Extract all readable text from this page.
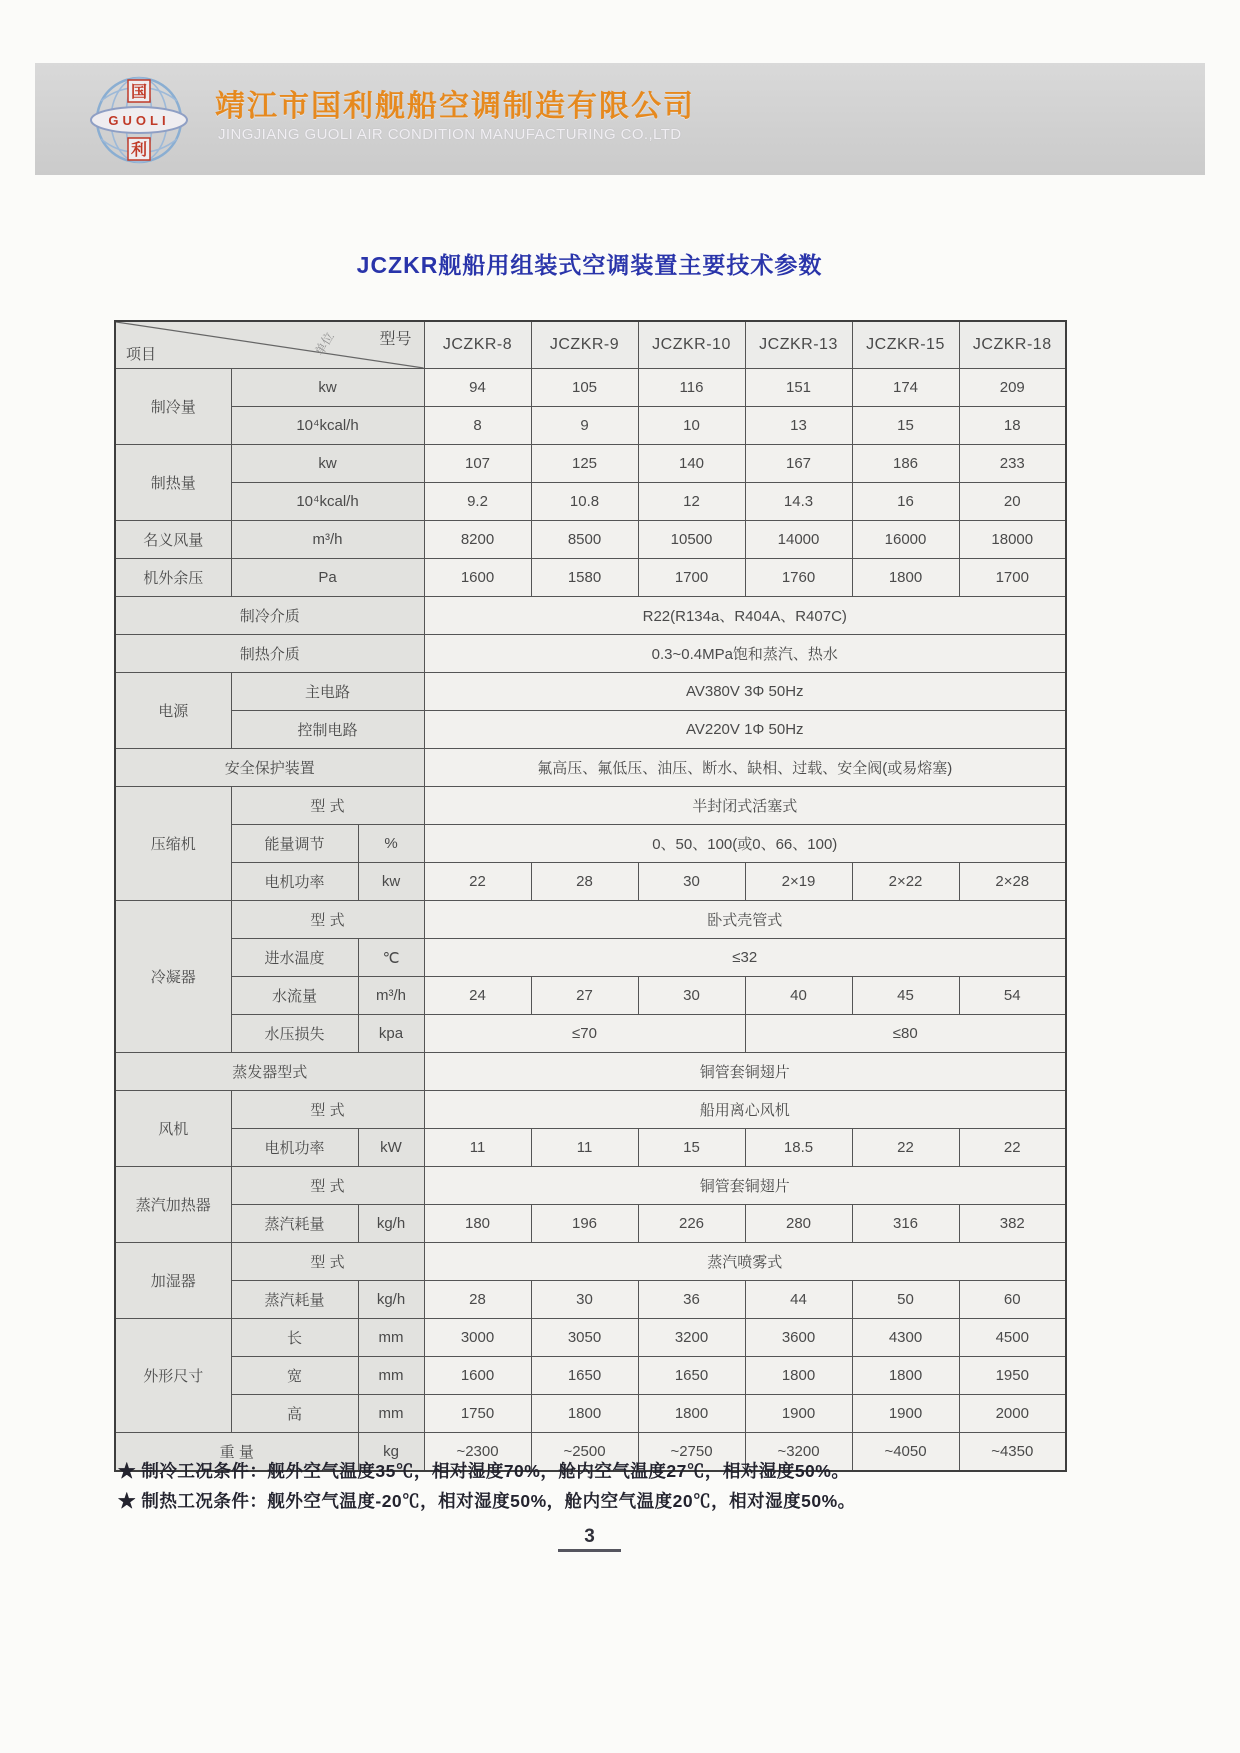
GUOLI
国
利
靖江市国利舰船空调制造有限公司
JINGJIANG GUOLI AIR CONDITION MANUFACTURING CO.,LTD
JCZKR舰船用组装式空调装置主要技术参数
型号
单位
项目			JCZKR-8	JCZKR-9	JCZKR-10	JCZKR-13	JCZKR-15	JCZKR-18
制冷量	kw		94	105	116	151	174	209
	10⁴kcal/h		8	9	10	13	15	18
制热量	kw		107	125	140	167	186	233
	10⁴kcal/h		9.2	10.8	12	14.3	16	20
名义风量	m³/h		8200	8500	10500	14000	16000	18000
机外余压	Pa		1600	1580	1700	1760	1800	1700
制冷介质			R22(R134a、R404A、R407C)					
制热介质			0.3~0.4MPa饱和蒸汽、热水					
电源	主电路		AV380V 3Φ 50Hz					
	控制电路		AV220V 1Φ 50Hz					
安全保护装置			氟高压、氟低压、油压、断水、缺相、过载、安全阀(或易熔塞)					
压缩机	型 式		半封闭式活塞式					
	能量调节	%	0、50、100(或0、66、100)					
	电机功率	kw	22	28	30	2×19	2×22	2×28
冷凝器	型 式		卧式壳管式					
	进水温度	℃	≤32					
	水流量	m³/h	24	27	30	40	45	54
	水压损失	kpa	≤70			≤80		
蒸发器型式			铜管套铜翅片					
风机	型 式		船用离心风机					
	电机功率	kW	11	11	15	18.5	22	22
蒸汽加热器	型 式		铜管套铜翅片					
	蒸汽耗量	kg/h	180	196	226	280	316	382
加湿器	型 式		蒸汽喷雾式					
	蒸汽耗量	kg/h	28	30	36	44	50	60
外形尺寸	长	mm	3000	3050	3200	3600	4300	4500
	宽	mm	1600	1650	1650	1800	1800	1950
	高	mm	1750	1800	1800	1900	1900	2000
重 量		kg	~2300	~2500	~2750	~3200	~4050	~4350
★ 制冷工况条件：舰外空气温度35℃，相对湿度70%，舱内空气温度27℃，相对湿度50%。
★ 制热工况条件：舰外空气温度-20℃，相对湿度50%，舱内空气温度20℃，相对湿度50%。
3
